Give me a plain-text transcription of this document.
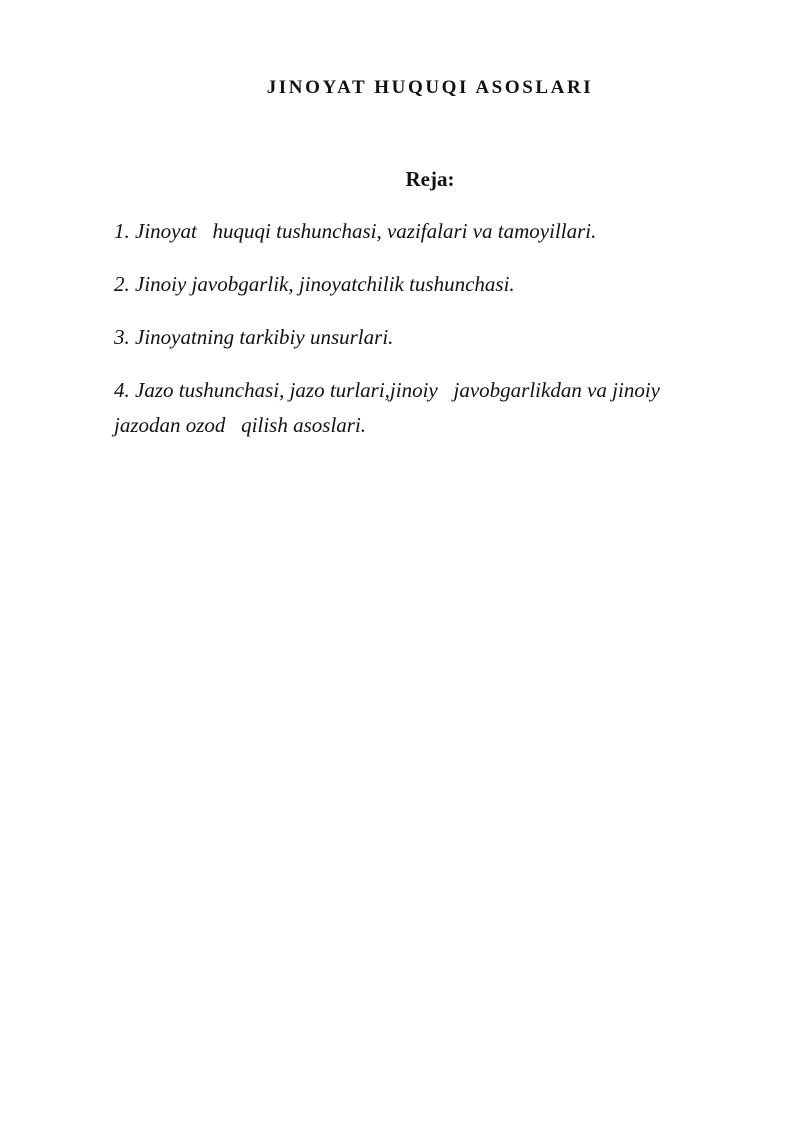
JINOYAT HUQUQI ASOSLARI
Reja:
1. Jinoyat   huquqi tushunchasi, vazifalari va tamoyillari.
2. Jinoiy javobgarlik, jinoyatchilik tushunchasi.
3. Jinoyatning tarkibiy unsurlari.
4. Jazo tushunchasi, jazo turlari,jinoiy   javobgarlikdan va jinoiy
jazodan ozod   qilish asoslari.
